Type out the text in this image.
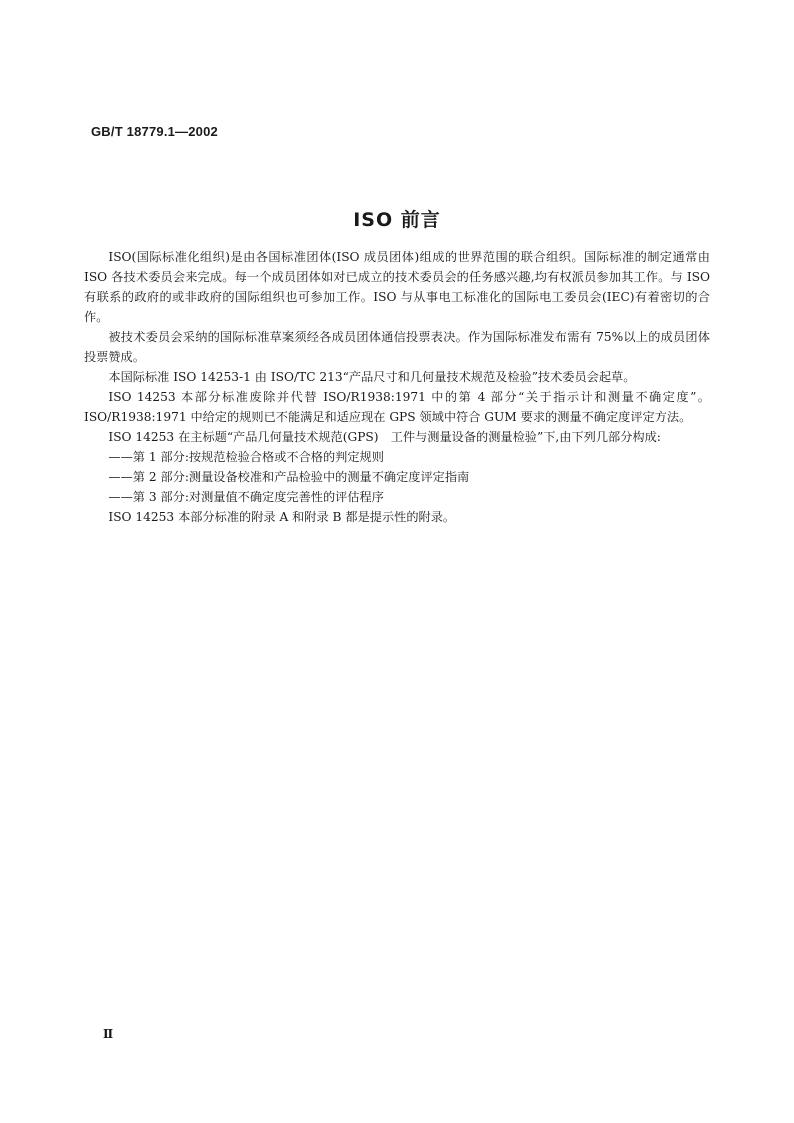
GB/T 18779.1—2002
ISO 前言

ISO(国际标准化组织)是由各国标准团体(ISO 成员团体)组成的世界范围的联合组织。国际标准的制定通常由 ISO 各技术委员会来完成。每一个成员团体如对已成立的技术委员会的任务感兴趣,均有权派员参加其工作。与 ISO 有联系的政府的或非政府的国际组织也可参加工作。ISO 与从事电工标准化的国际电工委员会(IEC)有着密切的合作。

被技术委员会采纳的国际标准草案须经各成员团体通信投票表决。作为国际标准发布需有 75%以上的成员团体投票赞成。

本国际标准 ISO 14253-1 由 ISO/TC 213“产品尺寸和几何量技术规范及检验”技术委员会起草。

ISO 14253 本部分标准废除并代替 ISO/R1938:1971 中的第 4 部分“关于指示计和测量不确定度”。ISO/R1938:1971 中给定的规则已不能满足和适应现在 GPS 领域中符合 GUM 要求的测量不确定度评定方法。

ISO 14253 在主标题“产品几何量技术规范(GPS)　工件与测量设备的测量检验”下,由下列几部分构成:

——第 1 部分:按规范检验合格或不合格的判定规则

——第 2 部分:测量设备校准和产品检验中的测量不确定度评定指南

——第 3 部分:对测量值不确定度完善性的评估程序

ISO 14253 本部分标准的附录 A 和附录 B 都是提示性的附录。

Ⅱ
